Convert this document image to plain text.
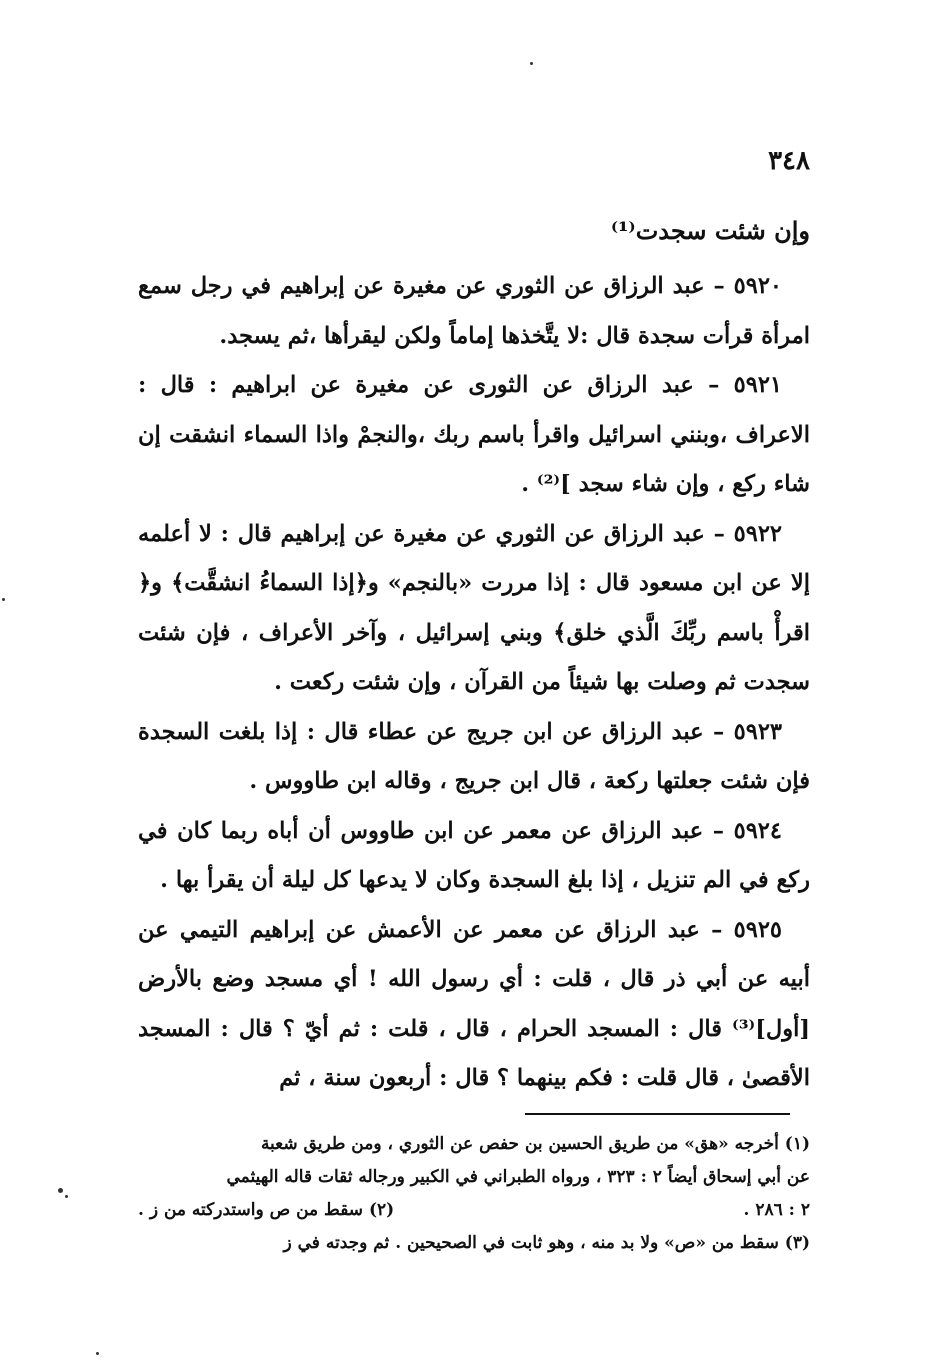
٣٤٨
وإن شئت سجدت⁽¹⁾

٥٩٢٠ – عبد الرزاق عن الثوري عن مغيرة عن إبراهيم في رجل سمع امرأة قرأت سجدة قال :لا يتَّخذها إماماً ولكن ليقرأها ،ثم يسجد.

٥٩٢١ – عبد الرزاق عن الثورى عن مغيرة عن ابراهيم : قال : الاعراف ،وبنني اسرائيل واقرأ باسم ربك ،والنجمْ واذا السماء انشقت إن شاء ركع ، وإن شاء سجد ]⁽²⁾ .

٥٩٢٢ – عبد الرزاق عن الثوري عن مغيرة عن إبراهيم قال : لا أعلمه إلا عن ابن مسعود قال : إذا مررت «بالنجم» و﴿إذا السماءُ انشقَّت﴾ و﴿ اقرأْ باسم ربِّكَ الَّذي خلق﴾ وبني إسرائيل ، وآخر الأعراف ، فإن شئت سجدت ثم وصلت بها شيئاً من القرآن ، وإن شئت ركعت .

٥٩٢٣ – عبد الرزاق عن ابن جريج عن عطاء قال : إذا بلغت السجدة فإن شئت جعلتها ركعة ، قال ابن جريج ، وقاله ابن طاووس .

٥٩٢٤ – عبد الرزاق عن معمر عن ابن طاووس أن أباه ربما كان في ركع في الم تنزيل ، إذا بلغ السجدة وكان لا يدعها كل ليلة أن يقرأ بها .

٥٩٢٥ – عبد الرزاق عن معمر عن الأعمش عن إبراهيم التيمي عن أبيه عن أبي ذر قال ، قلت : أي رسول الله ! أي مسجد وضع بالأرض [أول]⁽³⁾ قال : المسجد الحرام ، قال ، قلت : ثم أيّ ؟ قال : المسجد الأقصىٰ ، قال قلت : فكم بينهما ؟ قال : أربعون سنة ، ثم

(١) أخرجه «هق» من طريق الحسين بن حفص عن الثوري ، ومن طريق شعبة

عن أبي إسحاق أيضاً ٢ : ٣٢٣ ، ورواه الطبراني في الكبير ورجاله ثقات قاله الهيثمي

٢ : ٢٨٦ .
(٢) سقط من ص واستدركته من ز .

(٣) سقط من «ص» ولا بد منه ، وهو ثابت في الصحيحين . ثم وجدته في ز
